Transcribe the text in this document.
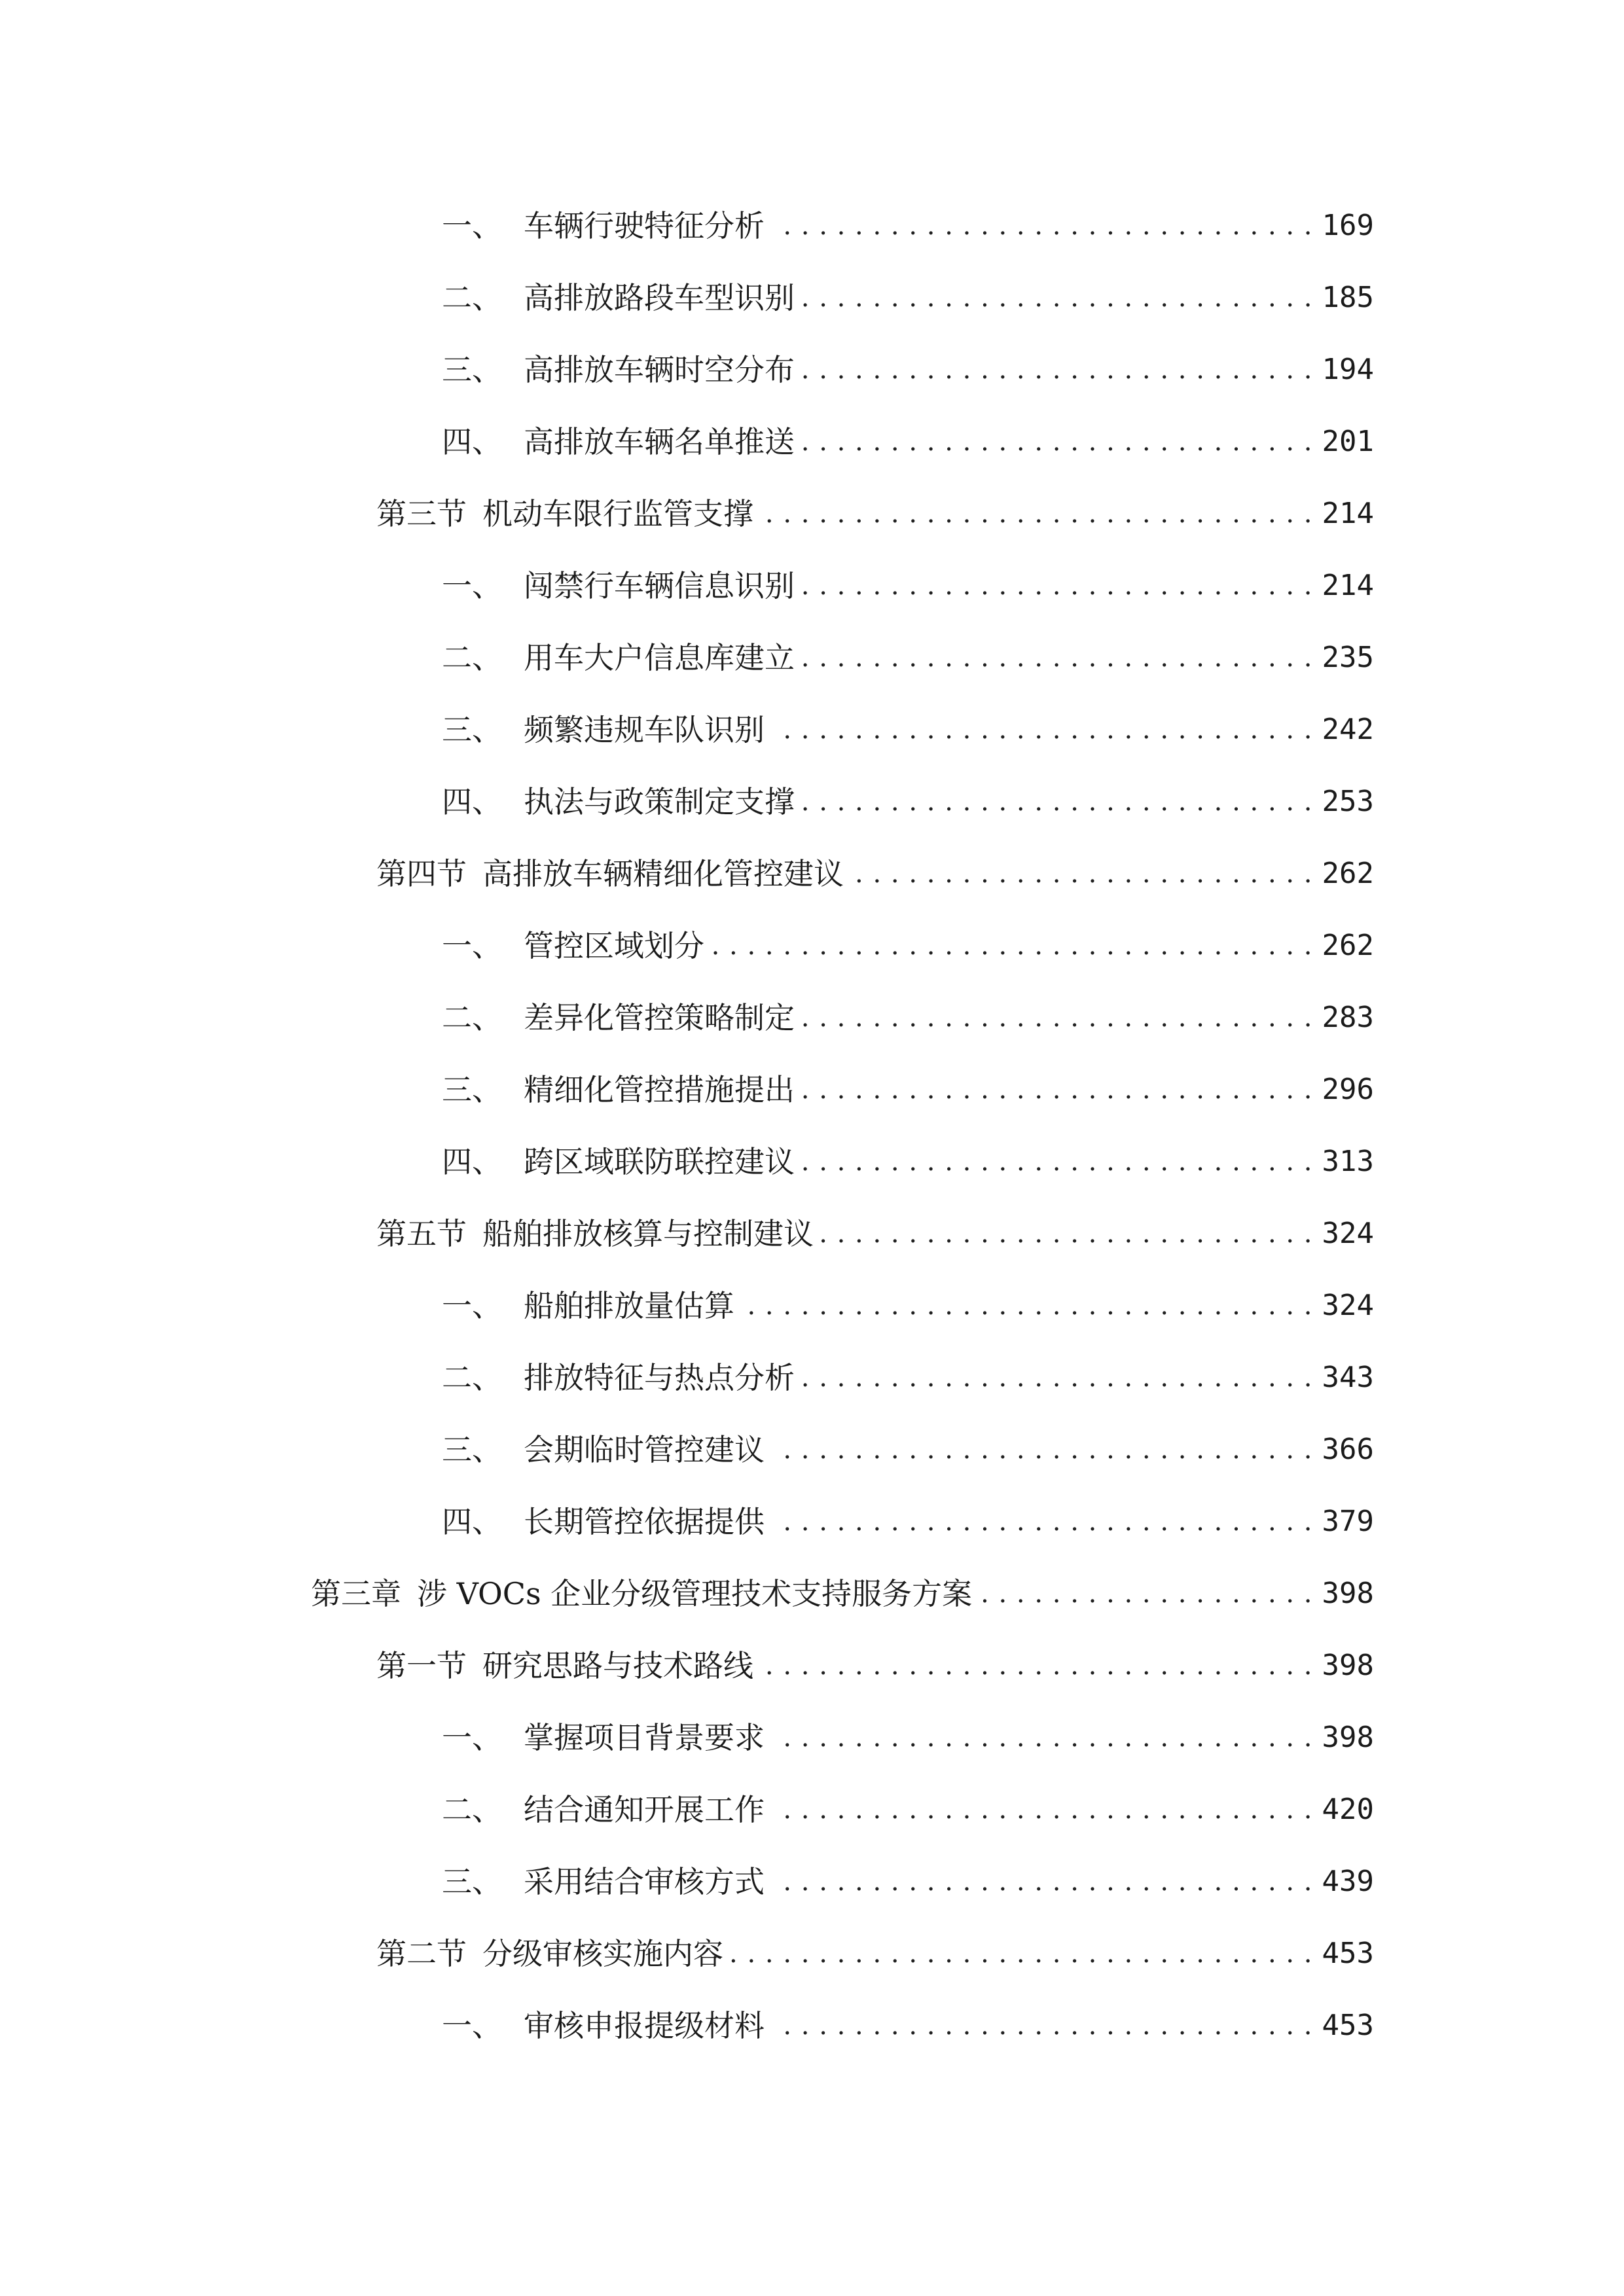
一、 车辆行驶特征分析 . . .	169
二、 高排放路段车型识别 . . .	185
三、 高排放车辆时空分布 . . .	194
四、 高排放车辆名单推送 . . .	201
第三节 机动车限行监管支撑 . . .	214
一、 闯禁行车辆信息识别 . . .	214
二、 用车大户信息库建立 . . .	235
三、 频繁违规车队识别 . . .	242
四、 执法与政策制定支撑 . . .	253
第四节 高排放车辆精细化管控建议 . . .	262
一、 管控区域划分 . . .	262
二、 差异化管控策略制定 . . .	283
三、 精细化管控措施提出 . . .	296
四、 跨区域联防联控建议 . . .	313
第五节 船舶排放核算与控制建议 . . .	324
一、 船舶排放量估算 . . .	324
二、 排放特征与热点分析 . . .	343
三、 会期临时管控建议 . . .	366
四、 长期管控依据提供 . . .	379
第三章 涉 VOCs 企业分级管理技术支持服务方案 . . .	398
第一节 研究思路与技术路线 . . .	398
一、 掌握项目背景要求 . . .	398
二、 结合通知开展工作 . . .	420
三、 采用结合审核方式 . . .	439
第二节 分级审核实施内容 . . .	453
一、 审核申报提级材料 . . .	453
